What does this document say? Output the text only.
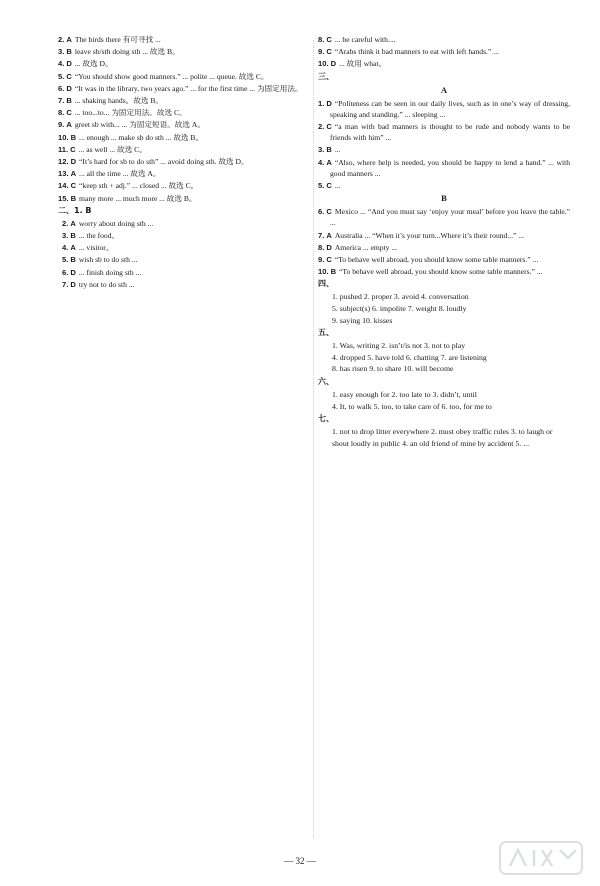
2. A The birds there 有可寻找 ...
3. B leave sb/sth doing sth ... 故选 B。
4. D ... 故选 D。
5. C “You should show good manners.” ... polite ... queue. 故选 C。
6. D “It was in the library, two years ago.” ... for the first time ... 为固定用法。
7. B ... shaking hands。故选 B。
8. C ... too...to... 为固定用法。故选 C。
9. A greet sb with... ... 为固定短语。故选 A。
10. B ... enough ... make sb do sth ... 故选 B。
11. C ... as well ... 故选 C。
12. D “It’s hard for sb to do sth” ... avoid doing sth. 故选 D。
13. A ... all the time ... 故选 A。
14. C “keep sth + adj.” ... closed ... 故选 C。
15. B many more ... much more ... 故选 B。
二、1. B
2. A worry about doing sth ...
3. B ... the food。
4. A ... visitor。
5. B wish sb to do sth ...
6. D ... finish doing sth ...
7. D try not to do sth ...
8. C ... be careful with....
9. C “Arabs think it bad manners to eat with left hands.” ...
10. D ... 故用 what。
三、
A
1. D “Politeness can be seen in our daily lives, such as in one’s way of dressing, speaking and standing.” ... sleeping ...
2. C “a man with bad manners is thought to be rude and nobody wants to be friends with him” ...
3. B ...
4. A “Also, where help is needed, you should be happy to lend a hand.” ... with good manners ...
5. C ...
B
6. C Mexico ... “And you must say ‘enjoy your meal’ before you leave the table.” ...
7. A Australia ... “When it’s your turn...Where it’s their round...” ...
8. D America ... empty ...
9. C “To behave well abroad, you should know some table manners.” ...
10. B “To behave well abroad, you should know some table manners.” ...
四、
1. pushed 2. proper 3. avoid 4. conversation
5. subject(s) 6. impolite 7. weight 8. loudly
9. saying 10. kisses
五、
1. Was, writing 2. isn’t/is not 3. not to play
4. dropped 5. have told 6. chatting 7. are listening
8. has risen 9. to share 10. will become
六、
1. easy enough for 2. too late to 3. didn’t, until
4. It, to walk 5. too, to take care of 6. too, for me to
七、
1. not to drop litter everywhere 2. must obey traffic rules 3. to laugh or shout loudly in public 4. an old friend of mine by accident 5. ...
— 32 —
